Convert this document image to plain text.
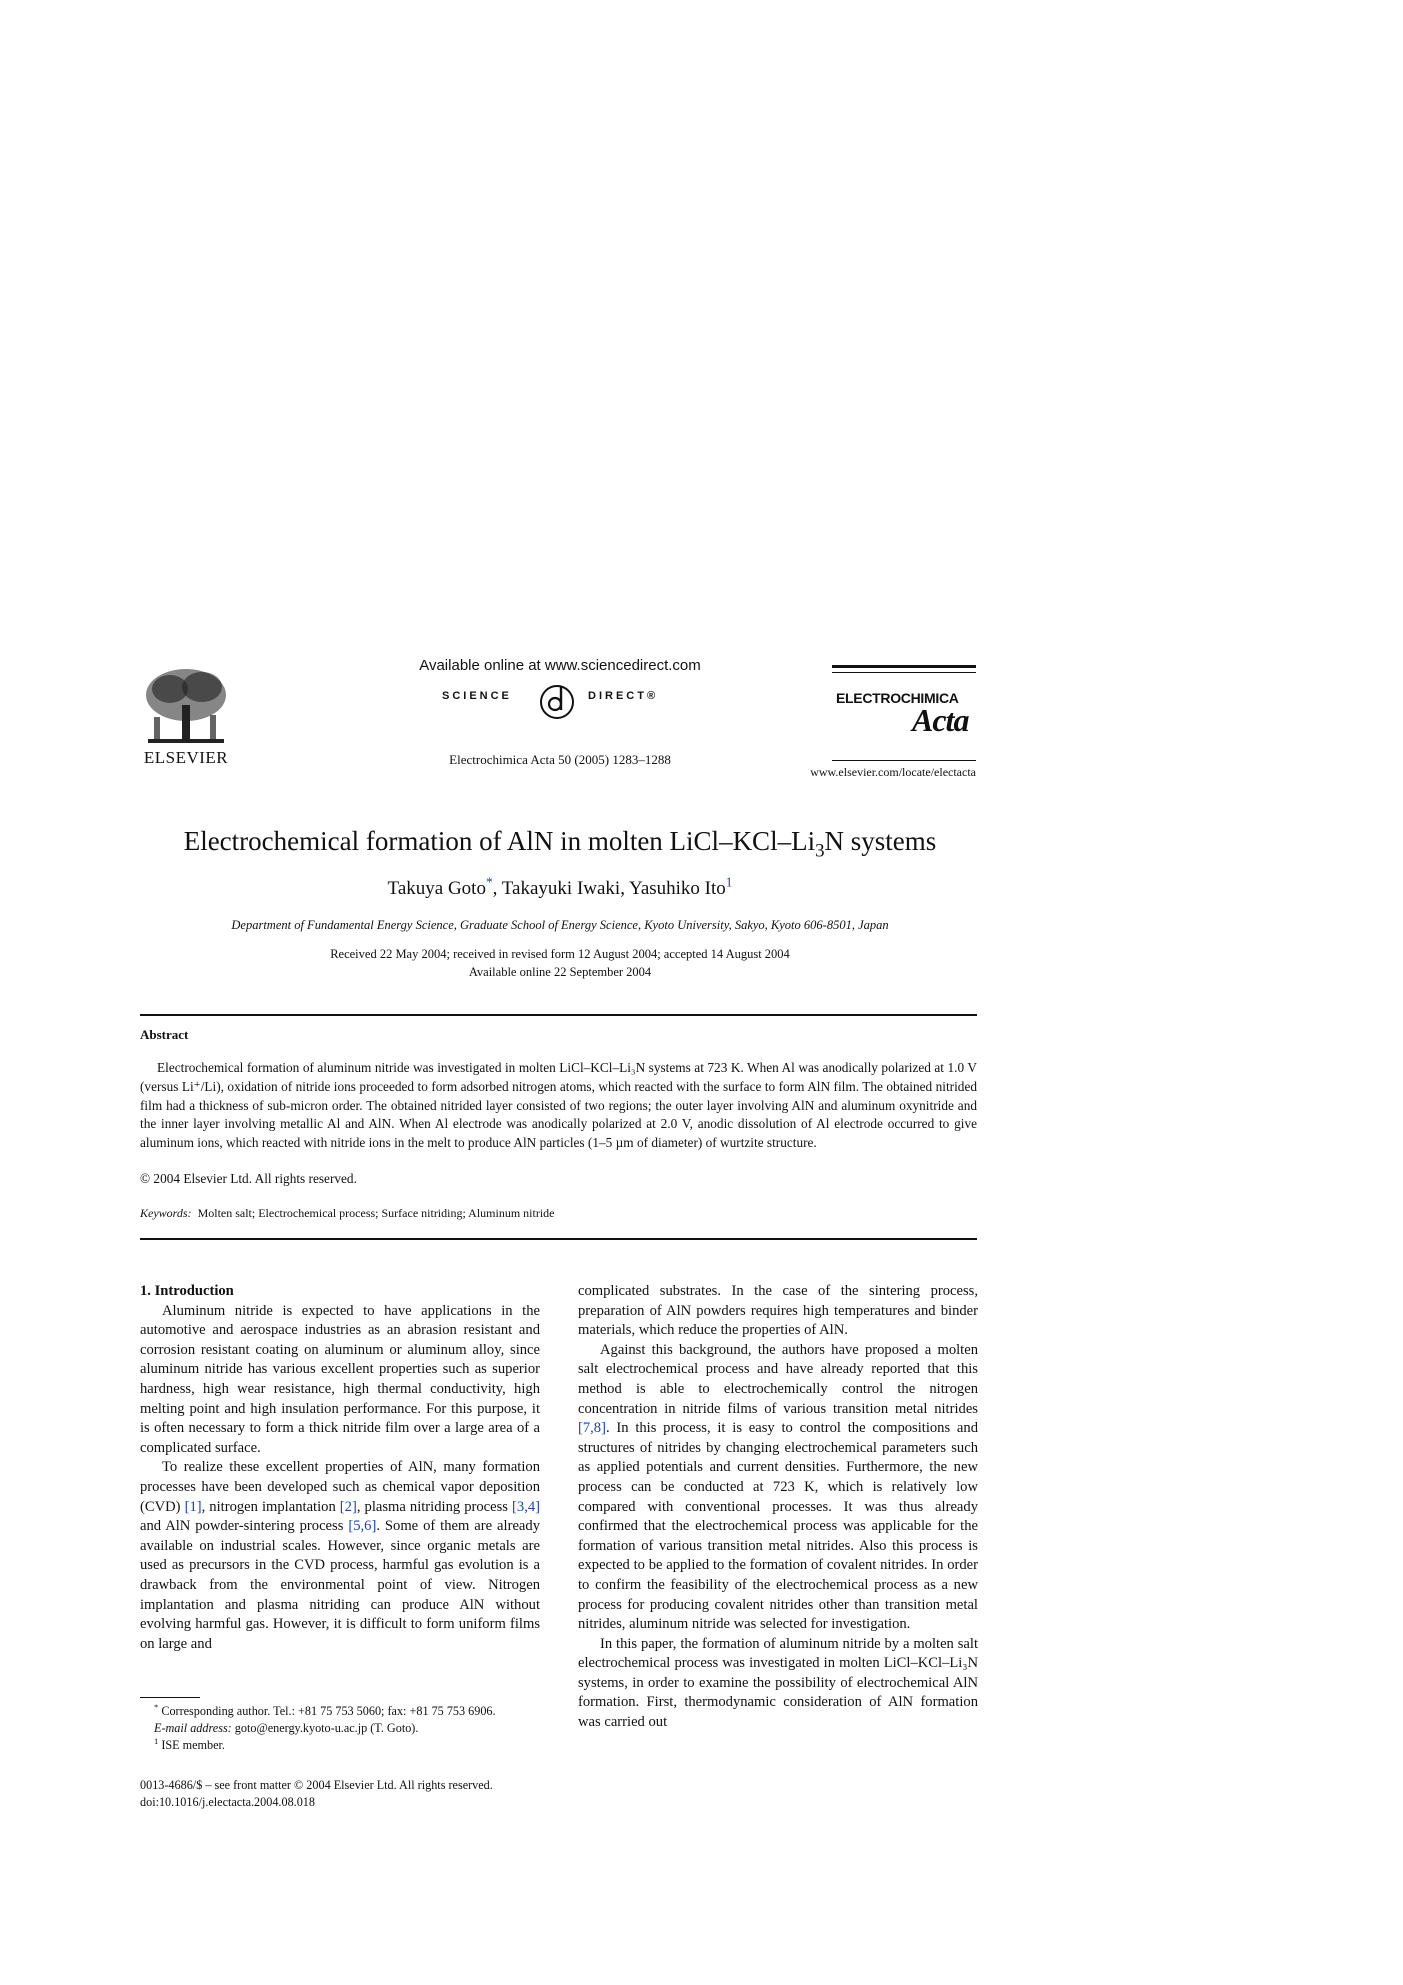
ELSEVIER
Available online at www.sciencedirect.com
SCIENCE	DIRECT®
Electrochimica Acta 50 (2005) 1283–1288
ELECTROCHIMICA
Acta
www.elsevier.com/locate/electacta
Electrochemical formation of AlN in molten LiCl–$KCl-Li_3N$ systems
Takuya Goto*, Takayuki Iwaki, Yasuhiko Ito$^1$
Department of Fundamental Energy Science, Graduate School of Energy Science, Kyoto University, Sakyo, Kyoto 606-8501, Japan
Received 22 May 2004; received in revised form 12 August 2004; accepted 14 August 2004
Available online 22 September 2004
Abstract
Electrochemical formation of aluminum nitride was investigated in molten LiCl–KCl–Li₃N systems at 723 K. When Al was anodically polarized at 1.0 V (versus Li⁺/Li), oxidation of nitride ions proceeded to form adsorbed nitrogen atoms, which reacted with the surface to form AlN film. The obtained nitrided film had a thickness of sub-micron order. The obtained nitrided layer consisted of two regions; the outer layer involving AlN and aluminum oxynitride and the inner layer involving metallic Al and AlN. When Al electrode was anodically polarized at 2.0 V, anodic dissolution of Al electrode occurred to give aluminum ions, which reacted with nitride ions in the melt to produce AlN particles (1–5 µm of diameter) of wurtzite structure.
© 2004 Elsevier Ltd. All rights reserved.
Keywords: Molten salt; Electrochemical process; Surface nitriding; Aluminum nitride

1. Introduction

Aluminum nitride is expected to have applications in the automotive and aerospace industries as an abrasion resistant and corrosion resistant coating on aluminum or aluminum alloy, since aluminum nitride has various excellent properties such as superior hardness, high wear resistance, high thermal conductivity, high melting point and high insulation performance. For this purpose, it is often necessary to form a thick nitride film over a large area of a complicated surface.

To realize these excellent properties of AlN, many formation processes have been developed such as chemical vapor deposition (CVD) [1], nitrogen implantation [2], plasma nitriding process [3,4] and AlN powder-sintering process [5,6]. Some of them are already available on industrial scales. However, since organic metals are used as precursors in the CVD process, harmful gas evolution is a drawback from the environmental point of view. Nitrogen implantation and plasma nitriding can produce AlN without evolving harmful gas. However, it is difficult to form uniform films on large and

complicated substrates. In the case of the sintering process, preparation of AlN powders requires high temperatures and binder materials, which reduce the properties of AlN.

Against this background, the authors have proposed a molten salt electrochemical process and have already reported that this method is able to electrochemically control the nitrogen concentration in nitride films of various transition metal nitrides [7,8]. In this process, it is easy to control the compositions and structures of nitrides by changing electrochemical parameters such as applied potentials and current densities. Furthermore, the new process can be conducted at 723 K, which is relatively low compared with conventional processes. It was thus already confirmed that the electrochemical process was applicable for the formation of various transition metal nitrides. Also this process is expected to be applied to the formation of covalent nitrides. In order to confirm the feasibility of the electrochemical process as a new process for producing covalent nitrides other than transition metal nitrides, aluminum nitride was selected for investigation.

In this paper, the formation of aluminum nitride by a molten salt electrochemical process was investigated in molten LiCl–KCl–Li₃N systems, in order to examine the possibility of electrochemical AlN formation. First, thermodynamic consideration of AlN formation was carried out

* Corresponding author. Tel.: +81 75 753 5060; fax: +81 75 753 6906.
E-mail address: goto@energy.kyoto-u.ac.jp (T. Goto).
$^1$ ISE member.
0013-4686/$ – see front matter © 2004 Elsevier Ltd. All rights reserved.
doi:10.1016/j.electacta.2004.08.018
